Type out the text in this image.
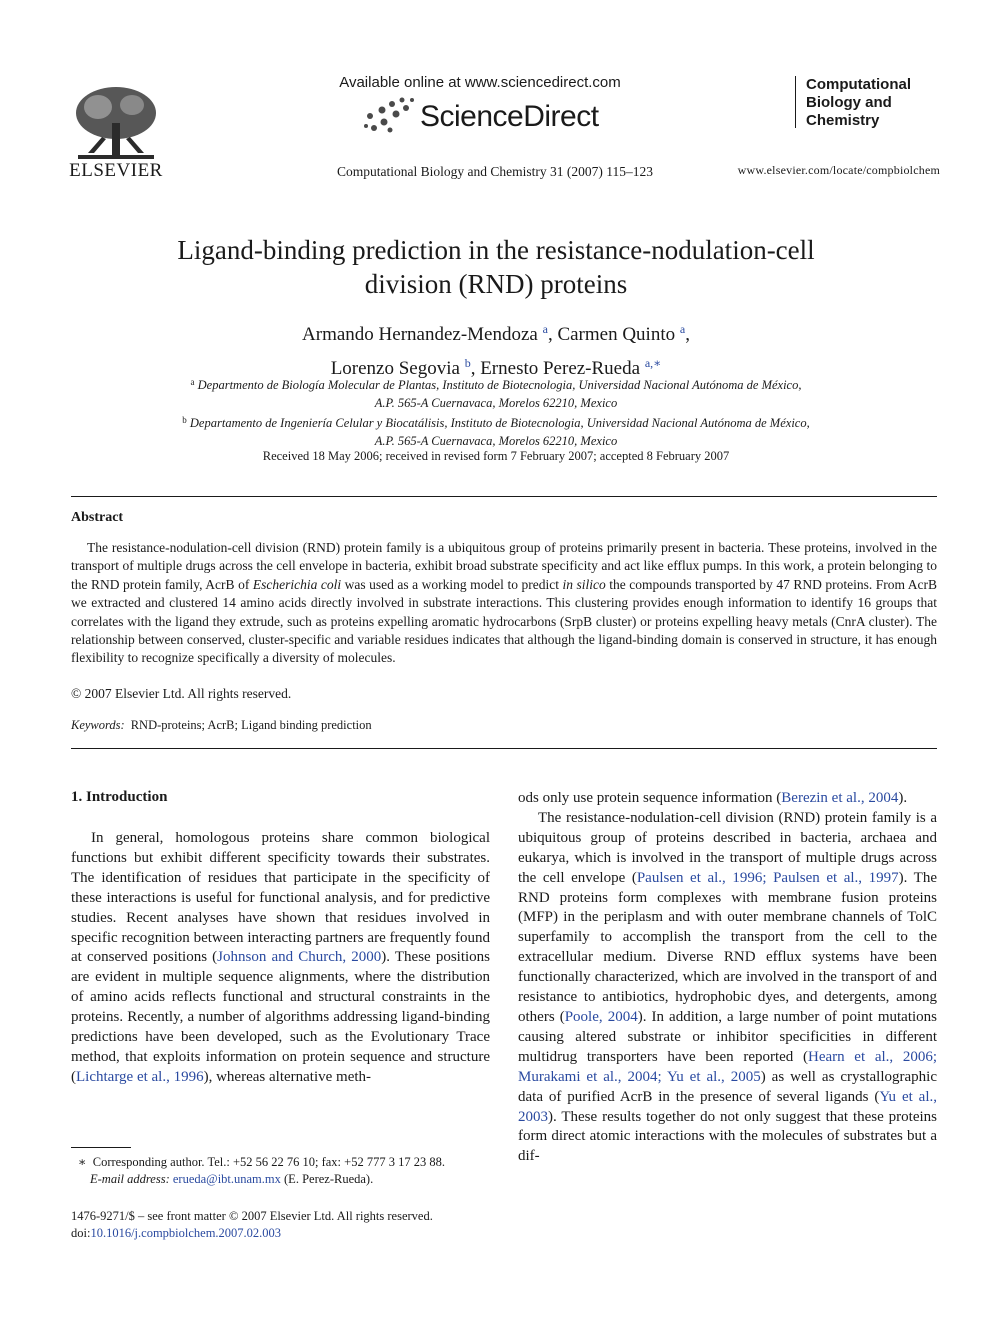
ELSEVIER
Available online at www.sciencedirect.com
ScienceDirect
Computational Biology and Chemistry 31 (2007) 115–123
Computational
Biology and
Chemistry
www.elsevier.com/locate/compbiolchem
Ligand-binding prediction in the resistance-nodulation-cell
division (RND) proteins
Armando Hernandez-Mendoza $^a$, Carmen Quinto $^a$,
Lorenzo Segovia $^b$, Ernesto Perez-Rueda $^{a,∗}$
$^a$ Departmento de Biología Molecular de Plantas, Instituto de Biotecnologia, Universidad Nacional Autónoma de México,
A.P. 565-A Cuernavaca, Morelos 62210, Mexico
$^b$ Departamento de Ingeniería Celular y Biocatálisis, Instituto de Biotecnologia, Universidad Nacional Autónoma de México,
A.P. 565-A Cuernavaca, Morelos 62210, Mexico
Received 18 May 2006; received in revised form 7 February 2007; accepted 8 February 2007
Abstract
The resistance-nodulation-cell division (RND) protein family is a ubiquitous group of proteins primarily present in bacteria. These proteins, involved in the transport of multiple drugs across the cell envelope in bacteria, exhibit broad substrate specificity and act like efflux pumps. In this work, a protein belonging to the RND protein family, AcrB of Escherichia coli was used as a working model to predict in silico the compounds transported by 47 RND proteins. From AcrB we extracted and clustered 14 amino acids directly involved in substrate interactions. This clustering provides enough information to identify 16 groups that correlates with the ligand they extrude, such as proteins expelling aromatic hydrocarbons (SrpB cluster) or proteins expelling heavy metals (CnrA cluster). The relationship between conserved, cluster-specific and variable residues indicates that although the ligand-binding domain is conserved in structure, it has enough flexibility to recognize specifically a diversity of molecules.
© 2007 Elsevier Ltd. All rights reserved.
Keywords: RND-proteins; AcrB; Ligand binding prediction
1. Introduction
In general, homologous proteins share common biological functions but exhibit different specificity towards their substrates. The identification of residues that participate in the specificity of these interactions is useful for functional analysis, and for predictive studies. Recent analyses have shown that residues involved in specific recognition between interacting partners are frequently found at conserved positions (Johnson and Church, 2000). These positions are evident in multiple sequence alignments, where the distribution of amino acids reflects functional and structural constraints in the proteins. Recently, a number of algorithms addressing ligand-binding predictions have been developed, such as the Evolutionary Trace method, that exploits information on protein sequence and structure (Lichtarge et al., 1996), whereas alternative meth-
ods only use protein sequence information (Berezin et al., 2004).
The resistance-nodulation-cell division (RND) protein family is a ubiquitous group of proteins described in bacteria, archaea and eukarya, which is involved in the transport of multiple drugs across the cell envelope (Paulsen et al., 1996; Paulsen et al., 1997). The RND proteins form complexes with membrane fusion proteins (MFP) in the periplasm and with outer membrane channels of TolC superfamily to accomplish the transport from the cell to the extracellular medium. Diverse RND efflux systems have been functionally characterized, which are involved in the transport of and resistance to antibiotics, hydrophobic dyes, and detergents, among others (Poole, 2004). In addition, a large number of point mutations causing altered substrate or inhibitor specificities in different multidrug transporters have been reported (Hearn et al., 2006; Murakami et al., 2004; Yu et al., 2005) as well as crystallographic data of purified AcrB in the presence of several ligands (Yu et al., 2003). These results together do not only suggest that these proteins form direct atomic interactions with the molecules of substrates but a dif-
∗ Corresponding author. Tel.: +52 56 22 76 10; fax: +52 777 3 17 23 88.
E-mail address: erueda@ibt.unam.mx (E. Perez-Rueda).
1476-9271/$ – see front matter © 2007 Elsevier Ltd. All rights reserved.
doi:10.1016/j.compbiolchem.2007.02.003
